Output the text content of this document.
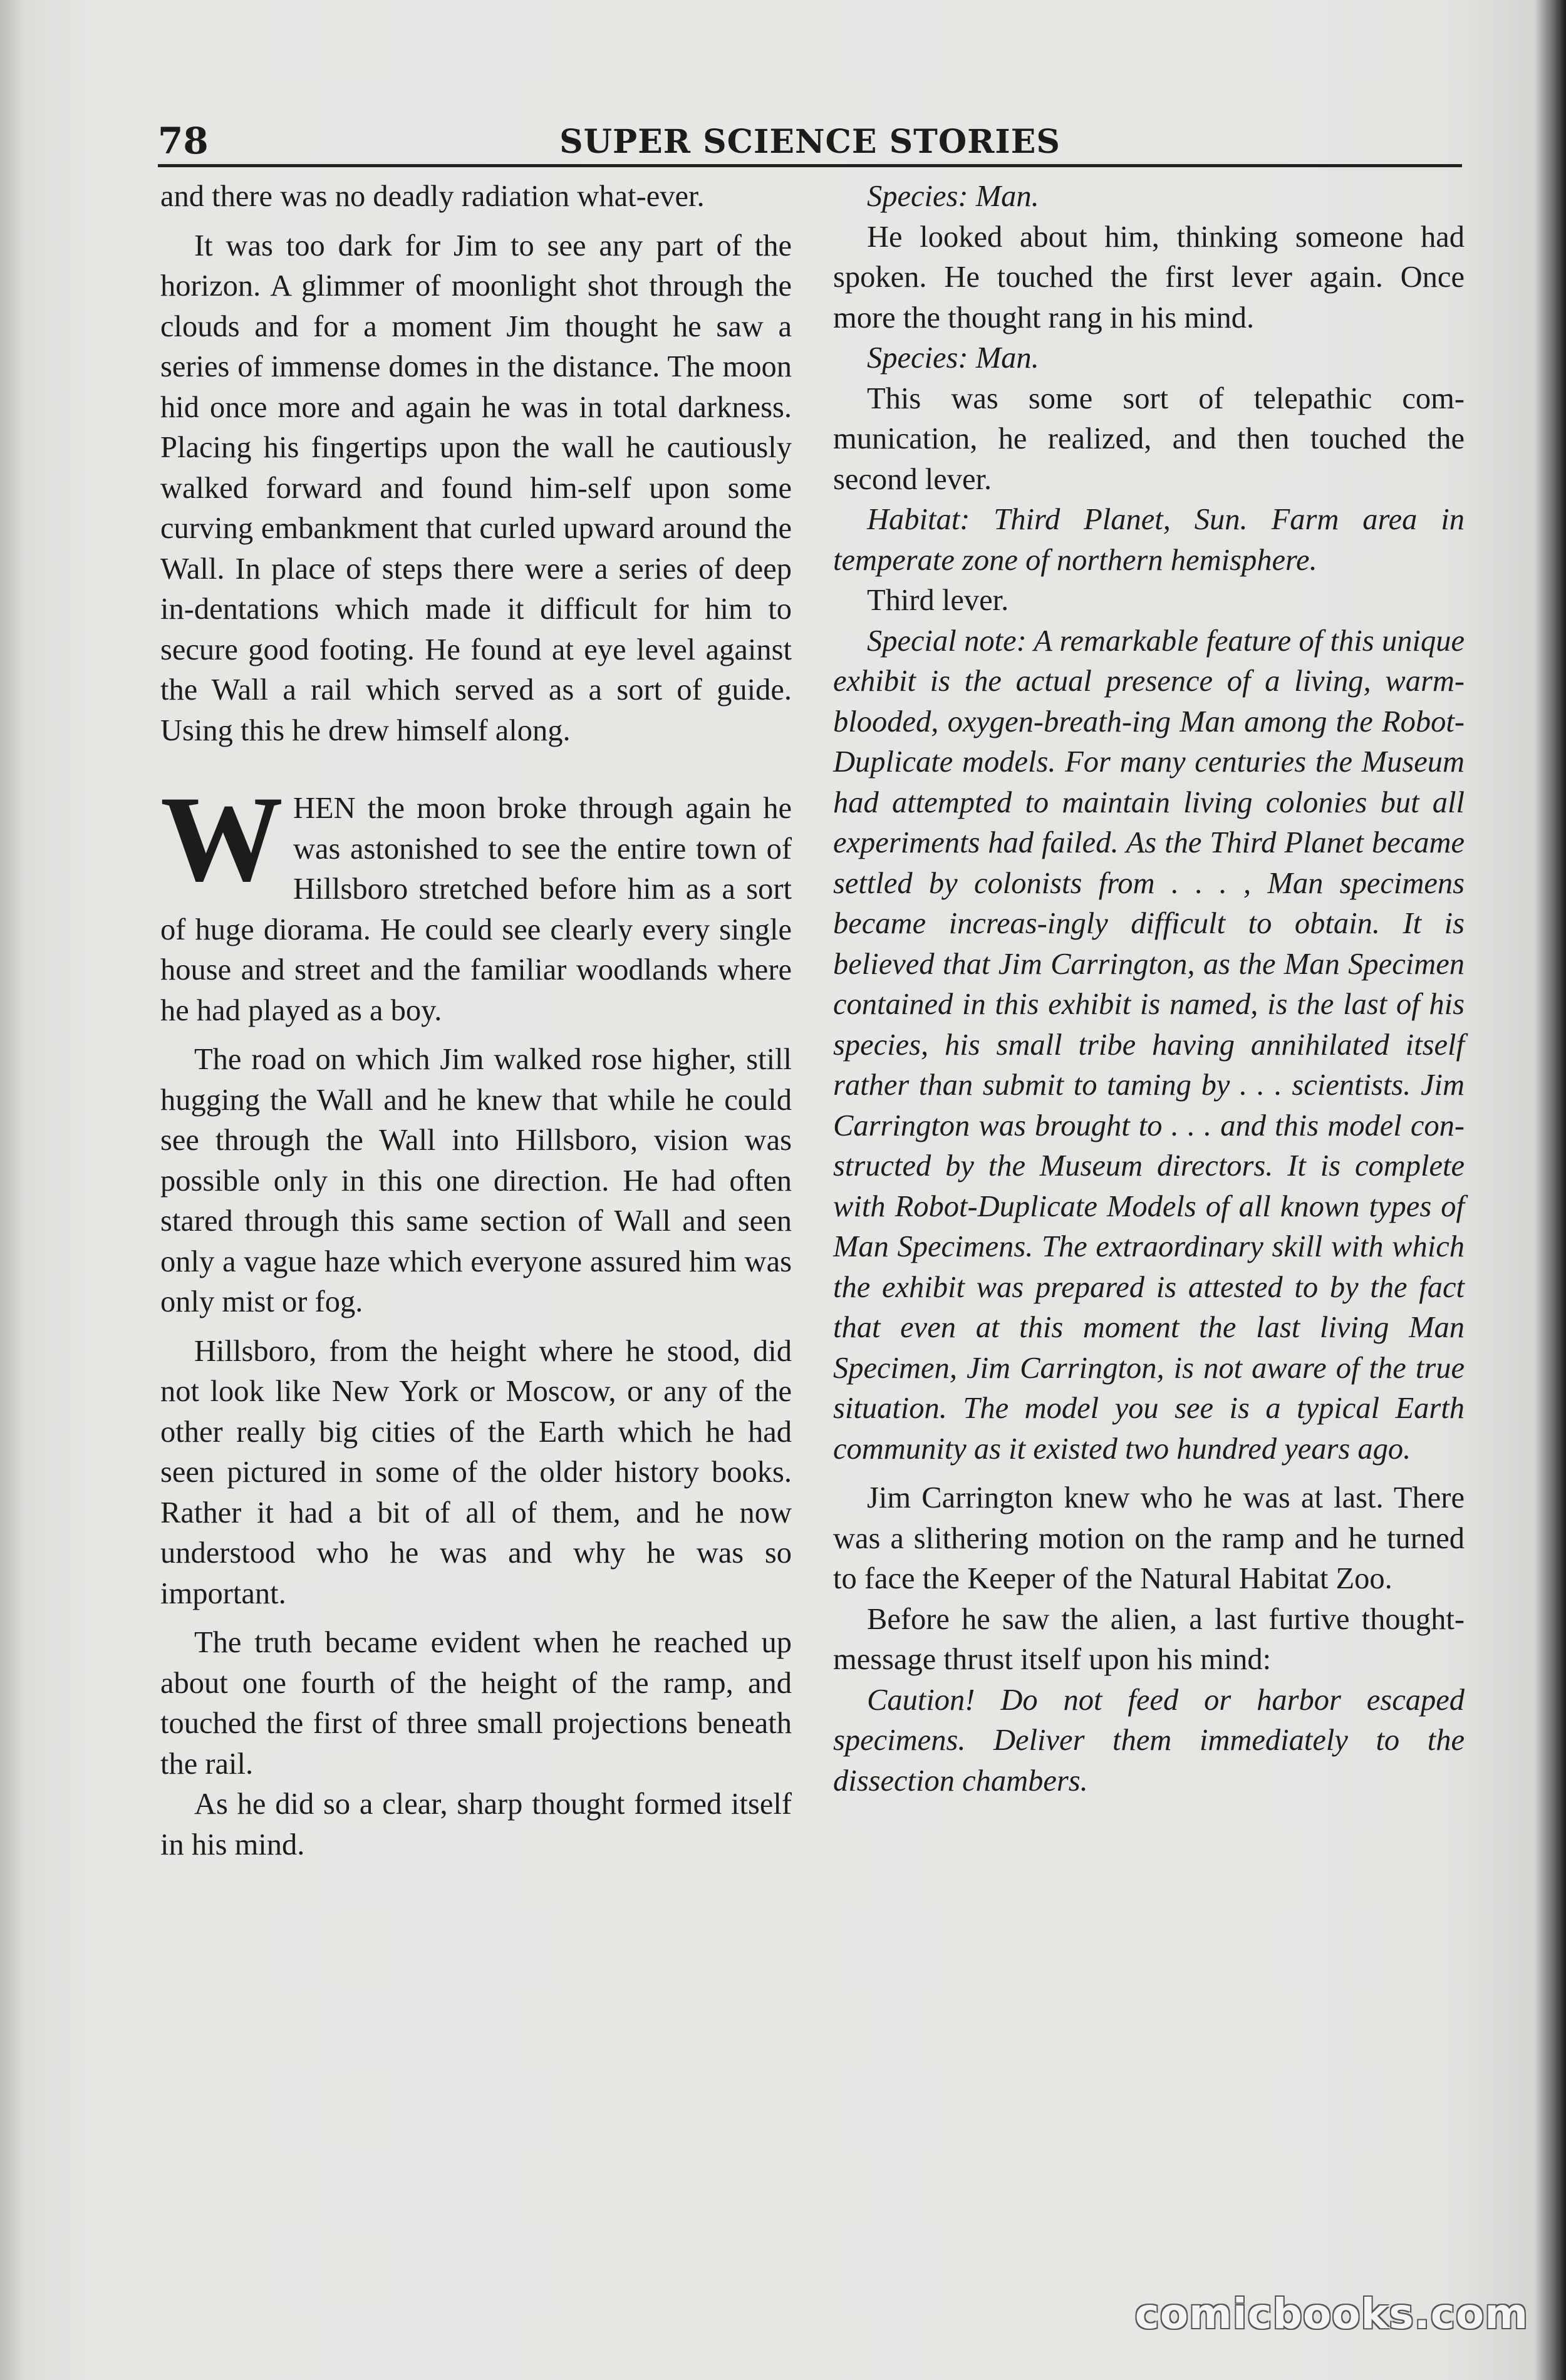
78	SUPER SCIENCE STORIES

and there was no deadly radiation what-ever.

It was too dark for Jim to see any part of the horizon. A glimmer of moonlight shot through the clouds and for a moment Jim thought he saw a series of immense domes in the distance. The moon hid once more and again he was in total darkness. Placing his fingertips upon the wall he cautiously walked forward and found him-self upon some curving embankment that curled upward around the Wall. In place of steps there were a series of deep in-dentations which made it difficult for him to secure good footing. He found at eye level against the Wall a rail which served as a sort of guide. Using this he drew himself along.

WHEN the moon broke through again he was astonished to see the entire town of Hillsboro stretched before him as a sort of huge diorama. He could see clearly every single house and street and the familiar woodlands where he had played as a boy.

The road on which Jim walked rose higher, still hugging the Wall and he knew that while he could see through the Wall into Hillsboro, vision was possible only in this one direction. He had often stared through this same section of Wall and seen only a vague haze which everyone assured him was only mist or fog.

Hillsboro, from the height where he stood, did not look like New York or Moscow, or any of the other really big cities of the Earth which he had seen pictured in some of the older history books. Rather it had a bit of all of them, and he now understood who he was and why he was so important.

The truth became evident when he reached up about one fourth of the height of the ramp, and touched the first of three small projections beneath the rail.

As he did so a clear, sharp thought formed itself in his mind.

Species: Man.

He looked about him, thinking someone had spoken. He touched the first lever again. Once more the thought rang in his mind.

Species: Man.

This was some sort of telepathic com-munication, he realized, and then touched the second lever.

Habitat: Third Planet, Sun. Farm area in temperate zone of northern hemisphere.

Third lever.

Special note: A remarkable feature of this unique exhibit is the actual presence of a living, warm-blooded, oxygen-breath-ing Man among the Robot-Duplicate models. For many centuries the Museum had attempted to maintain living colonies but all experiments had failed. As the Third Planet became settled by colonists from . . . , Man specimens became increas-ingly difficult to obtain. It is believed that Jim Carrington, as the Man Specimen contained in this exhibit is named, is the last of his species, his small tribe having annihilated itself rather than submit to taming by . . . scientists. Jim Carrington was brought to . . . and this model con-structed by the Museum directors. It is complete with Robot-Duplicate Models of all known types of Man Specimens. The extraordinary skill with which the exhibit was prepared is attested to by the fact that even at this moment the last living Man Specimen, Jim Carrington, is not aware of the true situation. The model you see is a typical Earth community as it existed two hundred years ago.

Jim Carrington knew who he was at last. There was a slithering motion on the ramp and he turned to face the Keeper of the Natural Habitat Zoo.

Before he saw the alien, a last furtive thought-message thrust itself upon his mind:

Caution! Do not feed or harbor escaped specimens. Deliver them immediately to the dissection chambers.

comicbooks.com
